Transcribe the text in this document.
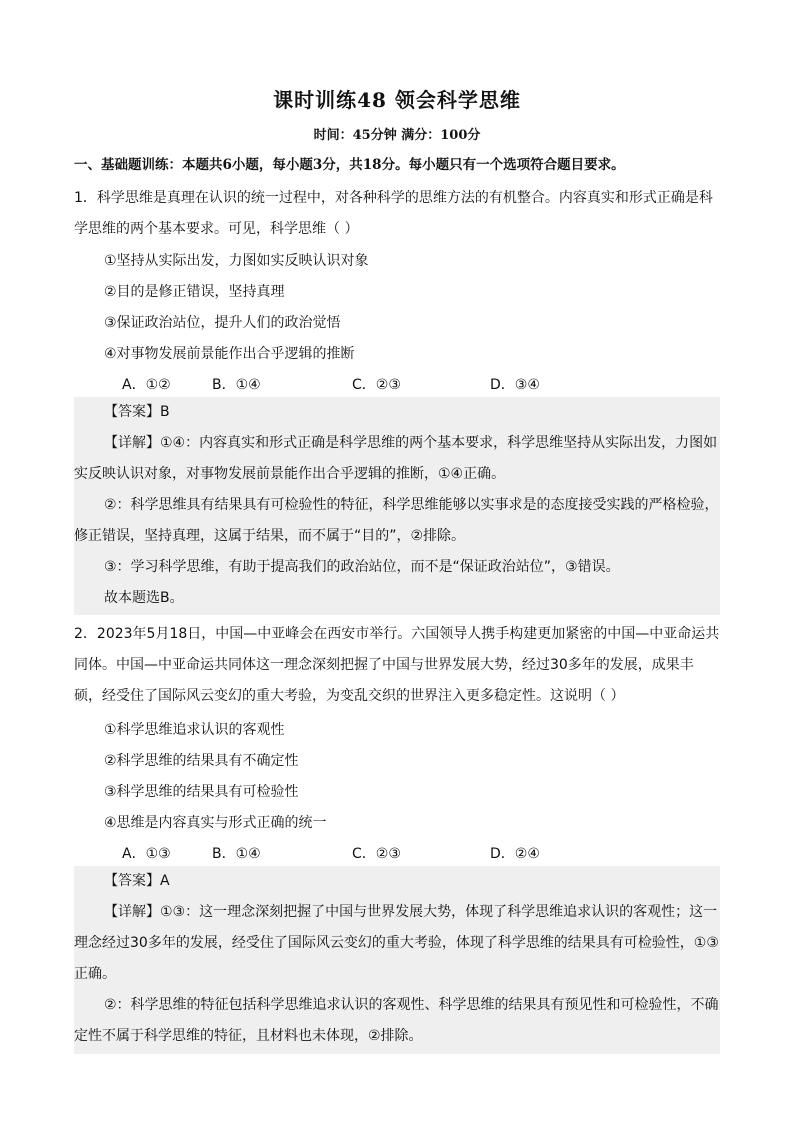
课时训练48 领会科学思维
时间：45分钟 满分：100分
一、基础题训练：本题共6小题，每小题3分，共18分。每小题只有一个选项符合题目要求。
1．科学思维是真理在认识的统一过程中，对各种科学的思维方法的有机整合。内容真实和形式正确是科学思维的两个基本要求。可见，科学思维（ ）
①坚持从实际出发，力图如实反映认识对象
②目的是修正错误，坚持真理
③保证政治站位，提升人们的政治觉悟
④对事物发展前景能作出合乎逻辑的推断
A．①②	B．①④	C．②③	D．③④
【答案】B
【详解】①④：内容真实和形式正确是科学思维的两个基本要求，科学思维坚持从实际出发，力图如实反映认识对象，对事物发展前景能作出合乎逻辑的推断，①④正确。
②：科学思维具有结果具有可检验性的特征，科学思维能够以实事求是的态度接受实践的严格检验，修正错误，坚持真理，这属于结果，而不属于“目的”，②排除。
③：学习科学思维，有助于提高我们的政治站位，而不是“保证政治站位”，③错误。
故本题选B。
2．2023年5月18日，中国—中亚峰会在西安市举行。六国领导人携手构建更加紧密的中国—中亚命运共同体。中国—中亚命运共同体这一理念深刻把握了中国与世界发展大势，经过30多年的发展，成果丰硕，经受住了国际风云变幻的重大考验，为变乱交织的世界注入更多稳定性。这说明（ ）
①科学思维追求认识的客观性
②科学思维的结果具有不确定性
③科学思维的结果具有可检验性
④思维是内容真实与形式正确的统一
A．①③	B．①④	C．②③	D．②④
【答案】A
【详解】①③：这一理念深刻把握了中国与世界发展大势，体现了科学思维追求认识的客观性；这一理念经过30多年的发展，经受住了国际风云变幻的重大考验，体现了科学思维的结果具有可检验性，①③正确。
②：科学思维的特征包括科学思维追求认识的客观性、科学思维的结果具有预见性和可检验性，不确定性不属于科学思维的特征，且材料也未体现，②排除。
